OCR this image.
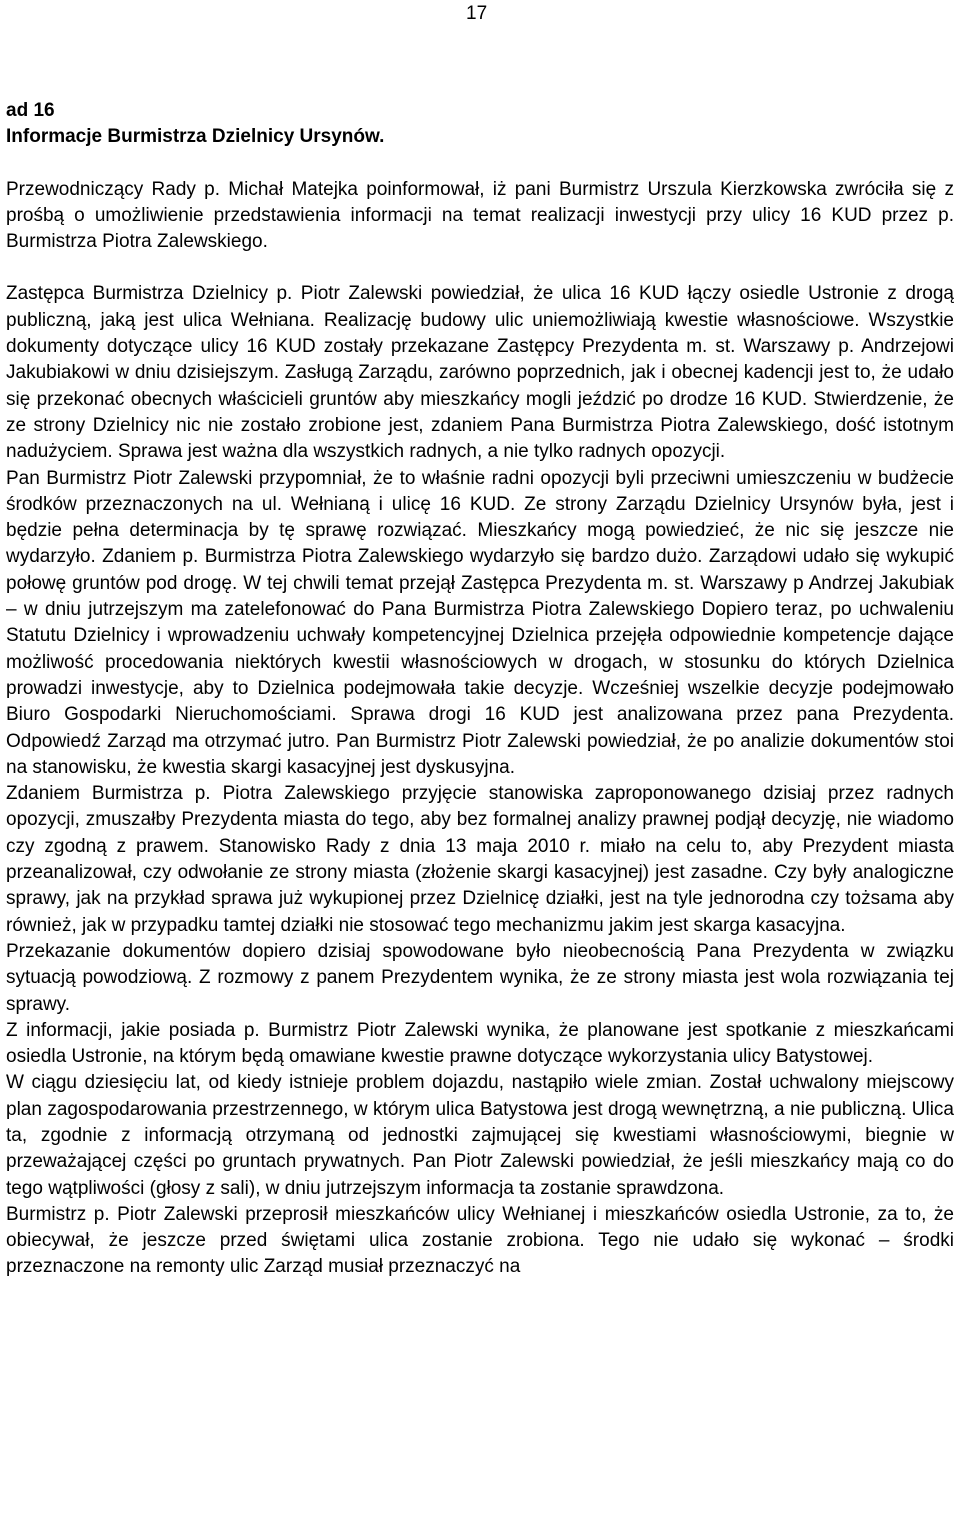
17

ad 16

Informacje Burmistrza Dzielnicy Ursynów.

Przewodniczący Rady p. Michał Matejka poinformował, iż pani Burmistrz Urszula Kierzkowska zwróciła się z prośbą o umożliwienie przedstawienia informacji na temat realizacji inwestycji przy ulicy 16 KUD przez p. Burmistrza Piotra Zalewskiego.

Zastępca Burmistrza Dzielnicy p. Piotr Zalewski powiedział, że ulica 16 KUD łączy osiedle Ustronie z drogą publiczną, jaką jest ulica Wełniana. Realizację budowy ulic uniemożliwiają kwestie własnościowe. Wszystkie dokumenty dotyczące ulicy 16 KUD zostały przekazane Zastępcy Prezydenta m. st. Warszawy p. Andrzejowi Jakubiakowi w dniu dzisiejszym. Zasługą Zarządu, zarówno poprzednich, jak i obecnej kadencji jest to, że udało się przekonać obecnych właścicieli gruntów aby mieszkańcy mogli jeździć po drodze 16 KUD. Stwierdzenie, że ze strony Dzielnicy nic nie zostało zrobione jest, zdaniem Pana Burmistrza Piotra Zalewskiego, dość istotnym nadużyciem. Sprawa jest ważna dla wszystkich radnych, a nie tylko radnych opozycji.

Pan Burmistrz Piotr Zalewski przypomniał, że to właśnie radni opozycji byli przeciwni umieszczeniu w budżecie środków przeznaczonych na ul. Wełnianą i ulicę 16 KUD. Ze strony Zarządu Dzielnicy Ursynów była, jest i będzie pełna determinacja by tę sprawę rozwiązać. Mieszkańcy mogą powiedzieć, że nic się jeszcze nie wydarzyło. Zdaniem p. Burmistrza Piotra Zalewskiego wydarzyło się bardzo dużo. Zarządowi udało się wykupić połowę gruntów pod drogę. W tej chwili temat przejął Zastępca Prezydenta m. st. Warszawy p Andrzej Jakubiak – w dniu jutrzejszym ma zatelefonować do Pana Burmistrza Piotra Zalewskiego Dopiero teraz, po uchwaleniu Statutu Dzielnicy i wprowadzeniu uchwały kompetencyjnej Dzielnica przejęła odpowiednie kompetencje dające możliwość procedowania niektórych kwestii własnościowych w drogach, w stosunku do których Dzielnica prowadzi inwestycje, aby to Dzielnica podejmowała takie decyzje. Wcześniej wszelkie decyzje podejmowało Biuro Gospodarki Nieruchomościami. Sprawa drogi 16 KUD jest analizowana przez pana Prezydenta. Odpowiedź Zarząd ma otrzymać jutro. Pan Burmistrz Piotr Zalewski powiedział, że po analizie dokumentów stoi na stanowisku, że kwestia skargi kasacyjnej jest dyskusyjna.

Zdaniem Burmistrza p. Piotra Zalewskiego przyjęcie stanowiska zaproponowanego dzisiaj przez radnych opozycji, zmuszałby Prezydenta miasta do tego, aby bez formalnej analizy prawnej podjął decyzję, nie wiadomo czy zgodną z prawem. Stanowisko Rady z dnia 13 maja 2010 r. miało na celu to, aby Prezydent miasta przeanalizował, czy odwołanie ze strony miasta (złożenie skargi kasacyjnej) jest zasadne. Czy były analogiczne sprawy, jak na przykład sprawa już wykupionej przez Dzielnicę działki, jest na tyle jednorodna czy tożsama aby również, jak w przypadku tamtej działki nie stosować tego mechanizmu jakim jest skarga kasacyjna.

Przekazanie dokumentów dopiero dzisiaj spowodowane było nieobecnością Pana Prezydenta w związku sytuacją powodziową. Z rozmowy z panem Prezydentem wynika, że ze strony miasta jest wola rozwiązania tej sprawy.

Z informacji, jakie posiada p. Burmistrz Piotr Zalewski wynika, że planowane jest spotkanie z mieszkańcami osiedla Ustronie, na którym będą omawiane kwestie prawne dotyczące wykorzystania ulicy Batystowej.

W ciągu dziesięciu lat, od kiedy istnieje problem dojazdu, nastąpiło wiele zmian. Został uchwalony miejscowy plan zagospodarowania przestrzennego, w którym ulica Batystowa jest drogą wewnętrzną, a nie publiczną. Ulica ta, zgodnie z informacją otrzymaną od jednostki zajmującej się kwestiami własnościowymi, biegnie w przeważającej części po gruntach prywatnych. Pan Piotr Zalewski powiedział, że jeśli mieszkańcy mają co do tego wątpliwości (głosy z sali), w dniu jutrzejszym informacja ta zostanie sprawdzona.

Burmistrz p. Piotr Zalewski przeprosił mieszkańców ulicy Wełnianej i mieszkańców osiedla Ustronie, za to, że obiecywał, że jeszcze przed świętami ulica zostanie zrobiona. Tego nie udało się wykonać – środki przeznaczone na remonty ulic Zarząd musiał przeznaczyć na
